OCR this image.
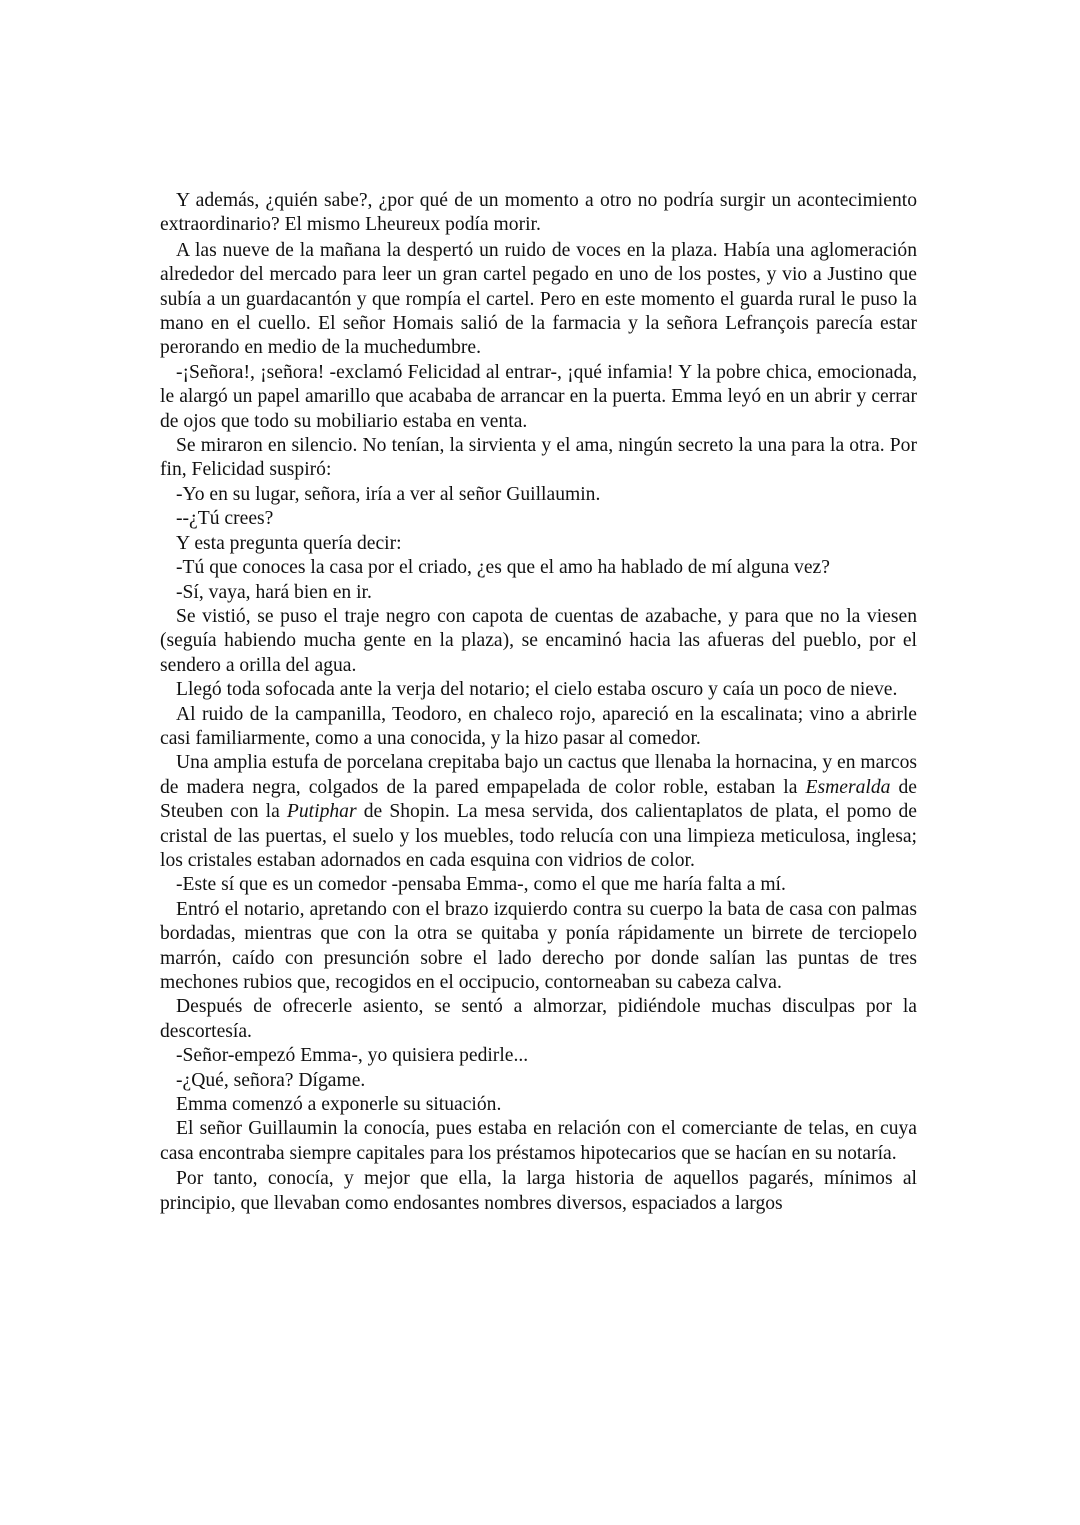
Y además, ¿quién sabe?, ¿por qué de un momento a otro no podría surgir un acontecimiento extraordinario? El mismo Lheureux podía morir.

A las nueve de la mañana la despertó un ruido de voces en la plaza. Había una aglomeración alrededor del mercado para leer un gran cartel pegado en uno de los postes, y vio a Justino que subía a un guardacantón y que rompía el cartel. Pero en este momento el guarda rural le puso la mano en el cuello. El señor Homais salió de la farmacia y la señora Lefrançois parecía estar perorando en medio de la muchedumbre.

-¡Señora!, ¡señora! -exclamó Felicidad al entrar-, ¡qué infamia! Y la pobre chica, emocionada, le alargó un papel amarillo que acababa de arrancar en la puerta. Emma leyó en un abrir y cerrar de ojos que todo su mobiliario estaba en venta.

Se miraron en silencio. No tenían, la sirvienta y el ama, ningún secreto la una para la otra. Por fin, Felicidad suspiró:

-Yo en su lugar, señora, iría a ver al señor Guillaumin.

--¿Tú crees?

Y esta pregunta quería decir:

-Tú que conoces la casa por el criado, ¿es que el amo ha hablado de mí alguna vez?

-Sí, vaya, hará bien en ir.

Se vistió, se puso el traje negro con capota de cuentas de azabache, y para que no la viesen (seguía habiendo mucha gente en la plaza), se encaminó hacia las afueras del pueblo, por el sendero a orilla del agua.

Llegó toda sofocada ante la verja del notario; el cielo estaba oscuro y caía un poco de nieve.

Al ruido de la campanilla, Teodoro, en chaleco rojo, apareció en la escalinata; vino a abrirle casi familiarmente, como a una conocida, y la hizo pasar al comedor.

Una amplia estufa de porcelana crepitaba bajo un cactus que llenaba la hornacina, y en marcos de madera negra, colgados de la pared empapelada de color roble, estaban la Esmeralda de Steuben con la Putiphar de Shopin. La mesa servida, dos calientaplatos de plata, el pomo de cristal de las puertas, el suelo y los muebles, todo relucía con una limpieza meticulosa, inglesa; los cristales estaban adornados en cada esquina con vidrios de color.

-Este sí que es un comedor -pensaba Emma-, como el que me haría falta a mí.

Entró el notario, apretando con el brazo izquierdo contra su cuerpo la bata de casa con palmas bordadas, mientras que con la otra se quitaba y ponía rápidamente un birrete de terciopelo marrón, caído con presunción sobre el lado derecho por donde salían las puntas de tres mechones rubios que, recogidos en el occipucio, contorneaban su cabeza calva.

Después de ofrecerle asiento, se sentó a almorzar, pidiéndole muchas disculpas por la descortesía.

-Señor-empezó Emma-, yo quisiera pedirle...

-¿Qué, señora? Dígame.

Emma comenzó a exponerle su situación.

El señor Guillaumin la conocía, pues estaba en relación con el comerciante de telas, en cuya casa encontraba siempre capitales para los préstamos hipotecarios que se hacían en su notaría.

Por tanto, conocía, y mejor que ella, la larga historia de aquellos pagarés, mínimos al principio, que llevaban como endosantes nombres diversos, espaciados a largos
